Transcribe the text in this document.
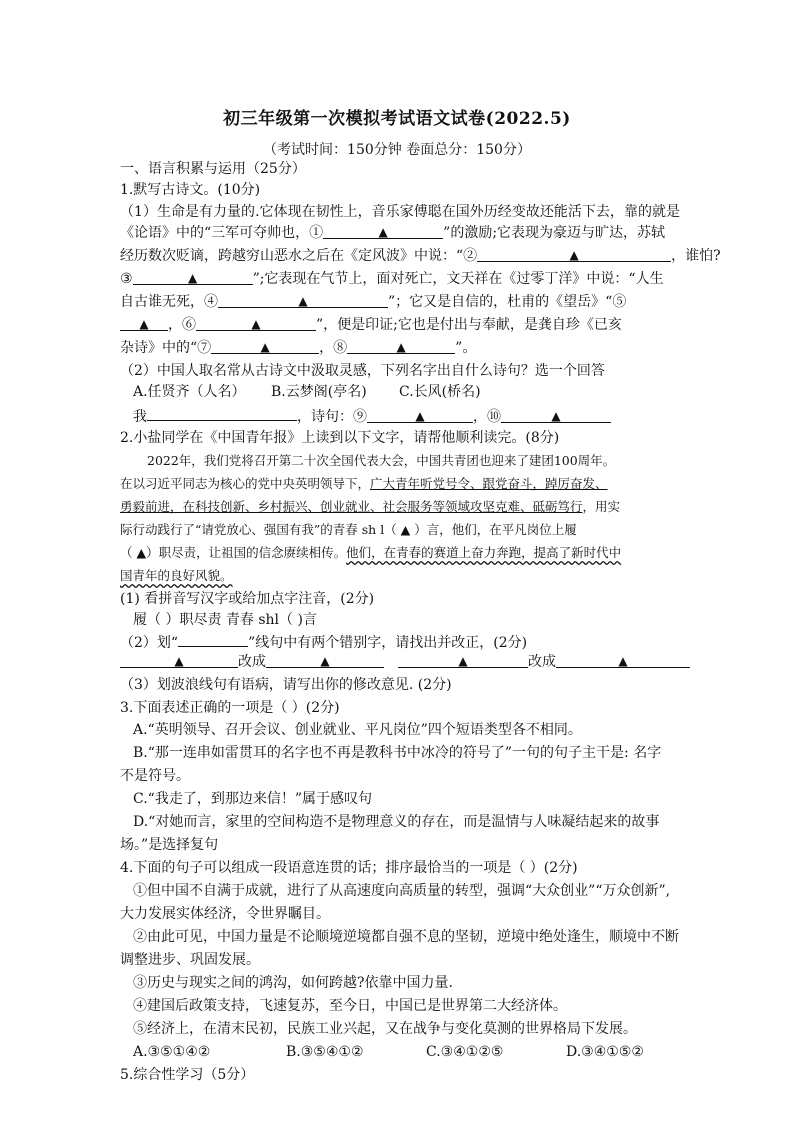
初三年级第一次模拟考试语文试卷(2022.5)
（考试时间：150分钟 卷面总分：150分）
一、语言积累与运用（25分）
1.默写古诗文。(10分)
（1）生命是有力量的.它体现在韧性上，音乐家傅聪在国外历经变故还能活下去，靠的就是
《论语》中的“三军可夺帅也，①	▲	”的激励;它表现为豪迈与旷达，苏轼
经历数次贬谪，跨越穷山恶水之后在《定风波》中说：“②	▲	，谁怕?
③	▲	”;它表现在气节上，面对死亡，文天祥在《过零丁洋》中说：“人生
自古谁无死，④	▲	”；它又是自信的，杜甫的《望岳》“⑤
▲ ，⑥	▲	”，便是印证;它也是付出与奉献，是龚自珍《已亥
杂诗》中的“⑦	▲	，⑧	▲	”。
（2）中国人取名常从古诗文中汲取灵感，下列名字出自什么诗句？选一个回答
A.任贤齐（人名） B.云梦阁(亭名) C.长风(桥名)
我	，诗句：⑨	▲	，⑩	▲
2.小盐同学在《中国青年报》上读到以下文字，请帮他顺利读完。(8分)
2022年，我们党将召开第二十次全国代表大会，中国共青团也迎来了建团100周年。
在以习近平同志为核心的党中央英明领导下，广大青年听党号令、跟党奋斗，踔厉奋发、
勇毅前进，在科技创新、乡村振兴、创业就业、社会服务等领域攻坚克难、砥砺笃行，用实
际行动践行了“请党放心、强国有我”的青春 sh l（ ▲ ）言，他们，在平凡岗位上履
（ ▲）职尽责，让祖国的信念赓续相传。他们，在青春的赛道上奋力奔跑，提高了新时代中
国青年的良好风貌。
(1) 看拼音写汉字或给加点字注音，(2分)
履（ ）职尽责 青春 shl（ )言
（2）划“	”线句中有两个错别字，请找出并改正，(2分)
▲	改成	▲	▲	改成	▲
（3）划波浪线句有语病，请写出你的修改意见. (2分)
3.下面表述正确的一项是（ ）(2分)
A.“英明领导、召开会议、创业就业、平凡岗位”四个短语类型各不相同。
B.“那一连串如雷贯耳的名字也不再是教科书中冰冷的符号了”一句的句子主干是: 名字
不是符号。
C.“我走了，到那边来信！”属于感叹句
D.“对她而言，家里的空间构造不是物理意义的存在，而是温情与人味凝结起来的故事
场。”是选择复句
4.下面的句子可以组成一段语意连贯的话；排序最恰当的一项是（ ）(2分)
①但中国不自满于成就，进行了从高速度向高质量的转型，强调“大众创业”“万众创新”,
大力发展实体经济，令世界瞩目。
②由此可见，中国力量是不论顺境逆境都自强不息的坚韧，逆境中绝处逢生，顺境中不断
调整进步、巩固发展。
③历史与现实之间的鸿沟，如何跨越?依靠中国力量.
④建国后政策支持，飞速复苏，至今日，中国已是世界第二大经济体。
⑤经济上，在清末民初，民族工业兴起，又在战争与变化莫测的世界格局下发展。
A.③⑤①④②	B.③⑤④①②	C.③④①②⑤	D.③④①⑤②
5.综合性学习（5分）
